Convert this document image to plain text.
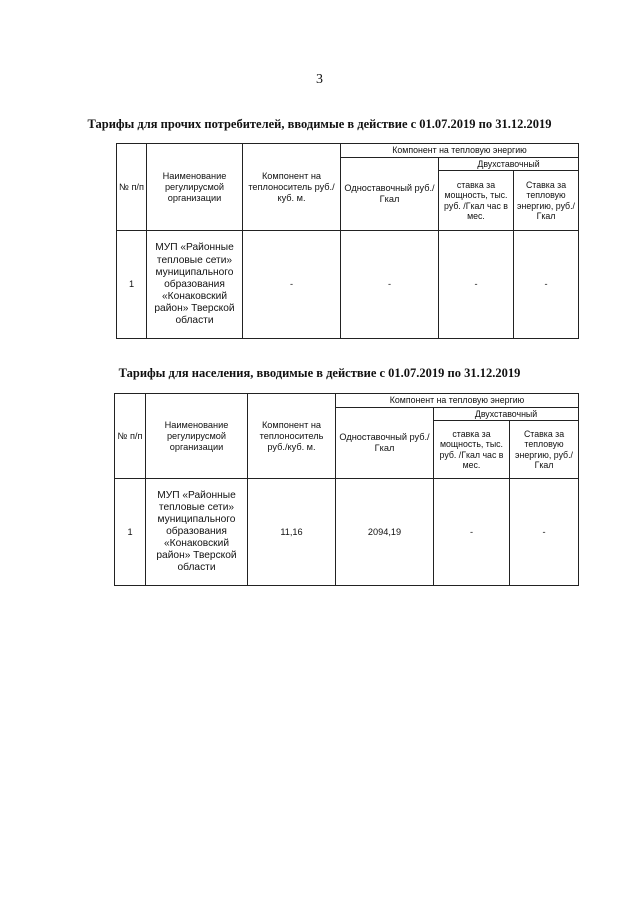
3
Тарифы для прочих потребителей, вводимые в действие с 01.07.2019 по 31.12.2019
№ п/п	Наименование регулирусмой организации	Компонент на теплоноситель руб./куб. м.	Компонент на тепловую энергию		
			Одноставочный руб./Гкал	Двухставочный	
				ставка за мощность, тыс. руб. /Гкал час в мес.	Ставка за тепловую энергию, руб./Гкал
1	МУП «Районные тепловые сети» муниципального образования «Конаковский район» Тверской области	-	-	-	-
Тарифы для населения, вводимые в действие с 01.07.2019 по 31.12.2019
№ п/п	Наименование регулирусмой организации	Компонент на теплоноситель руб./куб. м.	Компонент на тепловую энергию		
			Одноставочный руб./Гкал	Двухставочный	
				ставка за мощность, тыс. руб. /Гкал час в мес.	Ставка за тепловую энергию, руб./Гкал
1	МУП «Районные тепловые сети» муниципального образования «Конаковский район» Тверской области	11,16	2094,19	-	-
